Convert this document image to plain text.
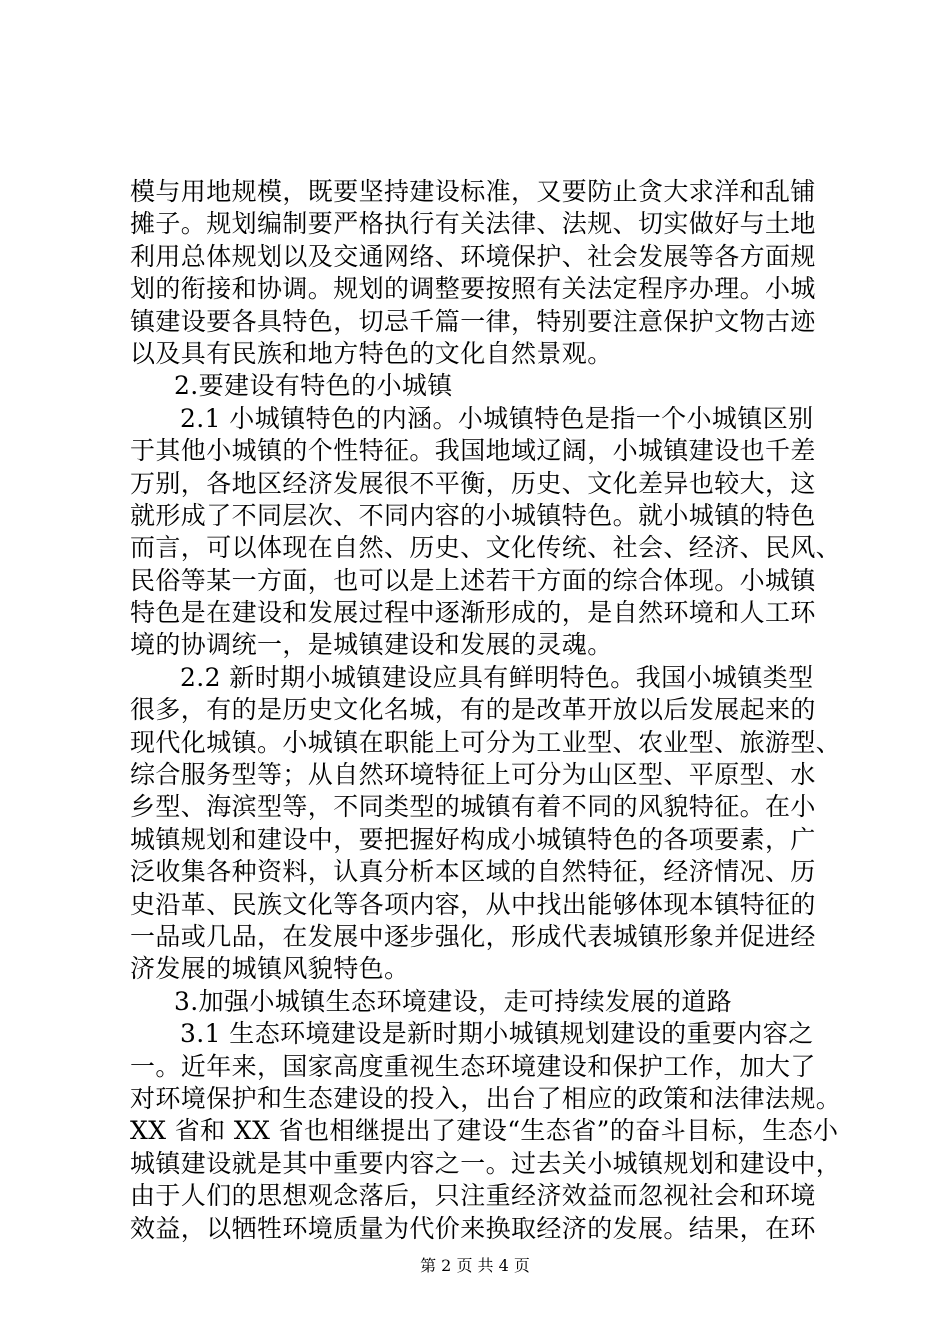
模与用地规模，既要坚持建设标准，又要防止贪大求洋和乱铺
摊子。规划编制要严格执行有关法律、法规、切实做好与土地
利用总体规划以及交通网络、环境保护、社会发展等各方面规
划的衔接和协调。规划的调整要按照有关法定程序办理。小城
镇建设要各具特色，切忌千篇一律，特别要注意保护文物古迹
以及具有民族和地方特色的文化自然景观。
2.要建设有特色的小城镇
2.1 小城镇特色的内涵。小城镇特色是指一个小城镇区别
于其他小城镇的个性特征。我国地域辽阔，小城镇建设也千差
万别，各地区经济发展很不平衡，历史、文化差异也较大，这
就形成了不同层次、不同内容的小城镇特色。就小城镇的特色
而言，可以体现在自然、历史、文化传统、社会、经济、民风、
民俗等某一方面，也可以是上述若干方面的综合体现。小城镇
特色是在建设和发展过程中逐渐形成的，是自然环境和人工环
境的协调统一，是城镇建设和发展的灵魂。
2.2 新时期小城镇建设应具有鲜明特色。我国小城镇类型
很多，有的是历史文化名城，有的是改革开放以后发展起来的
现代化城镇。小城镇在职能上可分为工业型、农业型、旅游型、
综合服务型等；从自然环境特征上可分为山区型、平原型、水
乡型、海滨型等，不同类型的城镇有着不同的风貌特征。在小
城镇规划和建设中，要把握好构成小城镇特色的各项要素，广
泛收集各种资料，认真分析本区域的自然特征，经济情况、历
史沿革、民族文化等各项内容，从中找出能够体现本镇特征的
一品或几品，在发展中逐步强化，形成代表城镇形象并促进经
济发展的城镇风貌特色。
3.加强小城镇生态环境建设，走可持续发展的道路
3.1 生态环境建设是新时期小城镇规划建设的重要内容之
一。近年来，国家高度重视生态环境建设和保护工作，加大了
对环境保护和生态建设的投入，出台了相应的政策和法律法规。
XX 省和 XX 省也相继提出了建设“生态省”的奋斗目标，生态小
城镇建设就是其中重要内容之一。过去关小城镇规划和建设中，
由于人们的思想观念落后，只注重经济效益而忽视社会和环境
效益，以牺牲环境质量为代价来换取经济的发展。结果，在环
第 2 页 共 4 页
